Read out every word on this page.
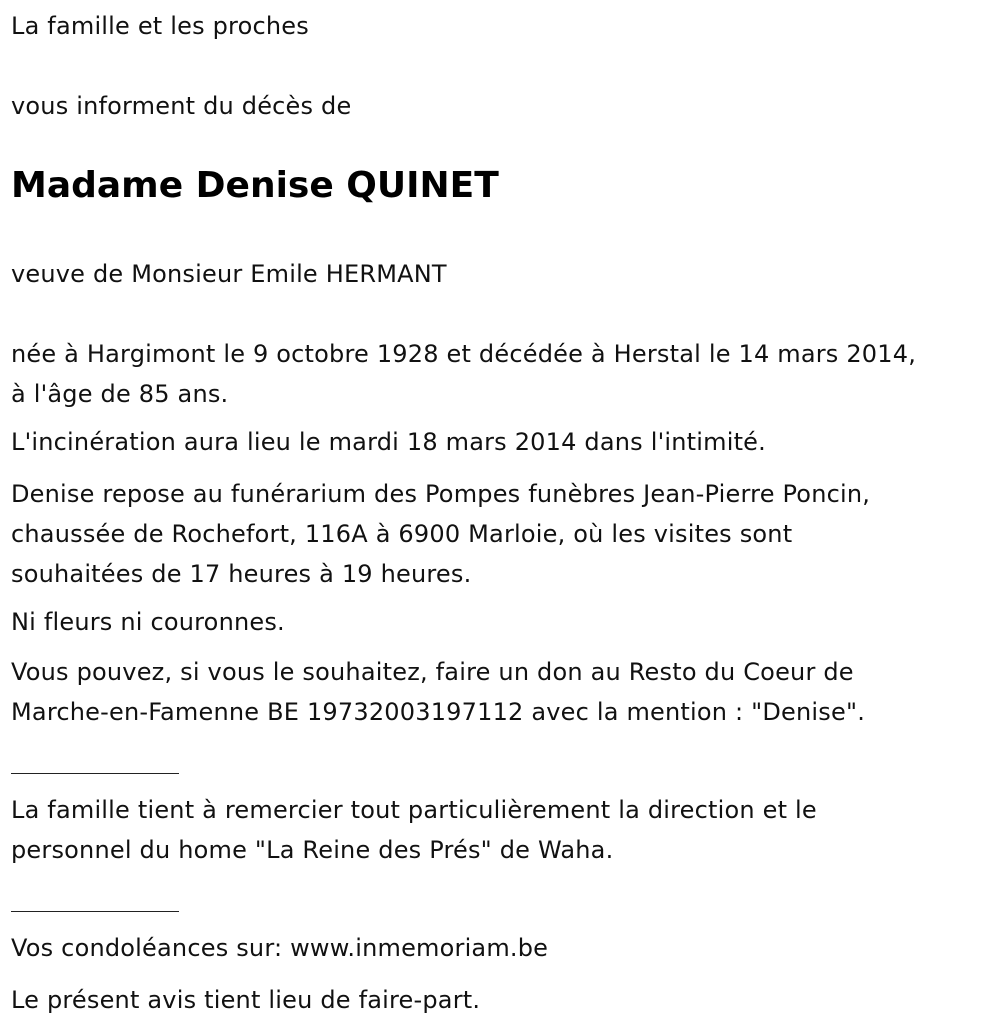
La famille et les proches
vous informent du décès de
Madame Denise QUINET
veuve de Monsieur Emile HERMANT
née à Hargimont le 9 octobre 1928 et décédée à Herstal le 14 mars 2014,
à l'âge de 85 ans.
L'incinération aura lieu le mardi 18 mars 2014 dans l'intimité.
Denise repose au funérarium des Pompes funèbres Jean-Pierre Poncin,
chaussée de Rochefort, 116A à 6900 Marloie, où les visites sont
souhaitées de 17 heures à 19 heures.
Ni fleurs ni couronnes.
Vous pouvez, si vous le souhaitez, faire un don au Resto du Coeur de
Marche-en-Famenne BE 19732003197112 avec la mention : "Denise".
La famille tient à remercier tout particulièrement la direction et le
personnel du home "La Reine des Prés" de Waha.
Vos condoléances sur: www.inmemoriam.be
Le présent avis tient lieu de faire-part.
